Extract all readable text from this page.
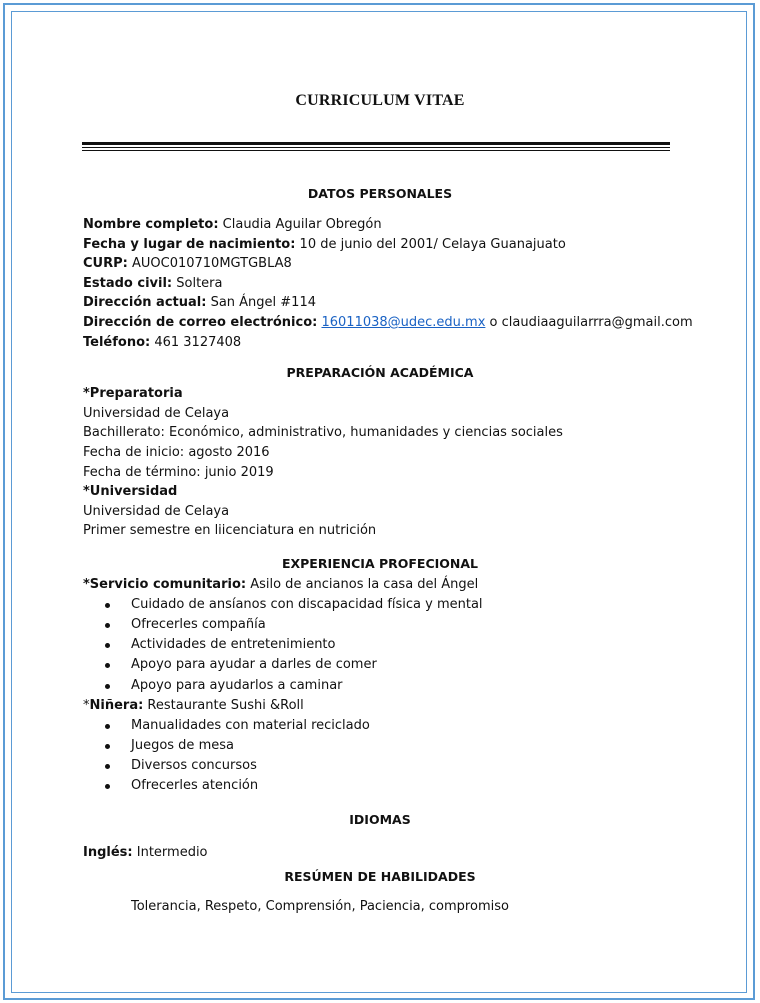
CURRICULUM VITAE
DATOS PERSONALES
Nombre completo: Claudia Aguilar Obregón
Fecha y lugar de nacimiento: 10 de junio del 2001/ Celaya Guanajuato
CURP: AUOC010710MGTGBLA8
Estado civil: Soltera
Dirección actual: San Ángel #114
Dirección de correo electrónico: 16011038@udec.edu.mx o claudiaaguilarrra@gmail.com
Teléfono: 461 3127408
PREPARACIÓN ACADÉMICA
*Preparatoria
Universidad de Celaya
Bachillerato: Económico, administrativo, humanidades y ciencias sociales
Fecha de inicio: agosto 2016
Fecha de término: junio 2019
*Universidad
Universidad de Celaya
Primer semestre en liicenciatura en nutrición
EXPERIENCIA PROFECIONAL
*Servicio comunitario: Asilo de ancianos la casa del Ángel
Cuidado de ansíanos con discapacidad física y mental
Ofrecerles compañía
Actividades de entretenimiento
Apoyo para ayudar a darles de comer
Apoyo para ayudarlos a caminar
*Niñera: Restaurante Sushi &Roll
Manualidades con material reciclado
Juegos de mesa
Diversos concursos
Ofrecerles atención
IDIOMAS
Inglés: Intermedio
RESÚMEN DE HABILIDADES
Tolerancia, Respeto, Comprensión, Paciencia, compromiso
